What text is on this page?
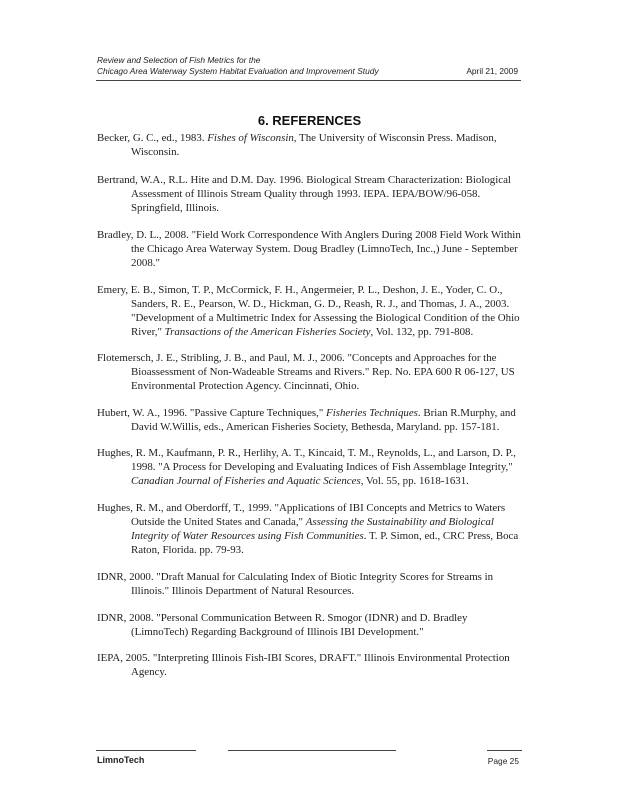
Review and Selection of Fish Metrics for the
Chicago Area Waterway System Habitat Evaluation and Improvement Study	April 21, 2009
6. REFERENCES
Becker, G. C., ed., 1983. Fishes of Wisconsin, The University of Wisconsin Press. Madison, Wisconsin.
Bertrand, W.A., R.L. Hite and D.M. Day. 1996. Biological Stream Characterization: Biological Assessment of Illinois Stream Quality through 1993. IEPA. IEPA/BOW/96-058. Springfield, Illinois.
Bradley, D. L., 2008. "Field Work Correspondence With Anglers During 2008 Field Work Within the Chicago Area Waterway System. Doug Bradley (LimnoTech, Inc.,) June - September 2008."
Emery, E. B., Simon, T. P., McCormick, F. H., Angermeier, P. L., Deshon, J. E., Yoder, C. O., Sanders, R. E., Pearson, W. D., Hickman, G. D., Reash, R. J., and Thomas, J. A., 2003. "Development of a Multimetric Index for Assessing the Biological Condition of the Ohio River," Transactions of the American Fisheries Society, Vol. 132, pp. 791-808.
Flotemersch, J. E., Stribling, J. B., and Paul, M. J., 2006. "Concepts and Approaches for the Bioassessment of Non-Wadeable Streams and Rivers." Rep. No. EPA 600 R 06-127, US Environmental Protection Agency. Cincinnati, Ohio.
Hubert, W. A., 1996. "Passive Capture Techniques," Fisheries Techniques. Brian R.Murphy, and David W.Willis, eds., American Fisheries Society, Bethesda, Maryland. pp. 157-181.
Hughes, R. M., Kaufmann, P. R., Herlihy, A. T., Kincaid, T. M., Reynolds, L., and Larson, D. P., 1998. "A Process for Developing and Evaluating Indices of Fish Assemblage Integrity," Canadian Journal of Fisheries and Aquatic Sciences, Vol. 55, pp. 1618-1631.
Hughes, R. M., and Oberdorff, T., 1999. "Applications of IBI Concepts and Metrics to Waters Outside the United States and Canada," Assessing the Sustainability and Biological Integrity of Water Resources using Fish Communities. T. P. Simon, ed., CRC Press, Boca Raton, Florida. pp. 79-93.
IDNR, 2000. "Draft Manual for Calculating Index of Biotic Integrity Scores for Streams in Illinois." Illinois Department of Natural Resources.
IDNR, 2008. "Personal Communication Between R. Smogor (IDNR) and D. Bradley (LimnoTech) Regarding Background of Illinois IBI Development."
IEPA, 2005. "Interpreting Illinois Fish-IBI Scores, DRAFT." Illinois Environmental Protection Agency.
LimnoTech	Page 25
